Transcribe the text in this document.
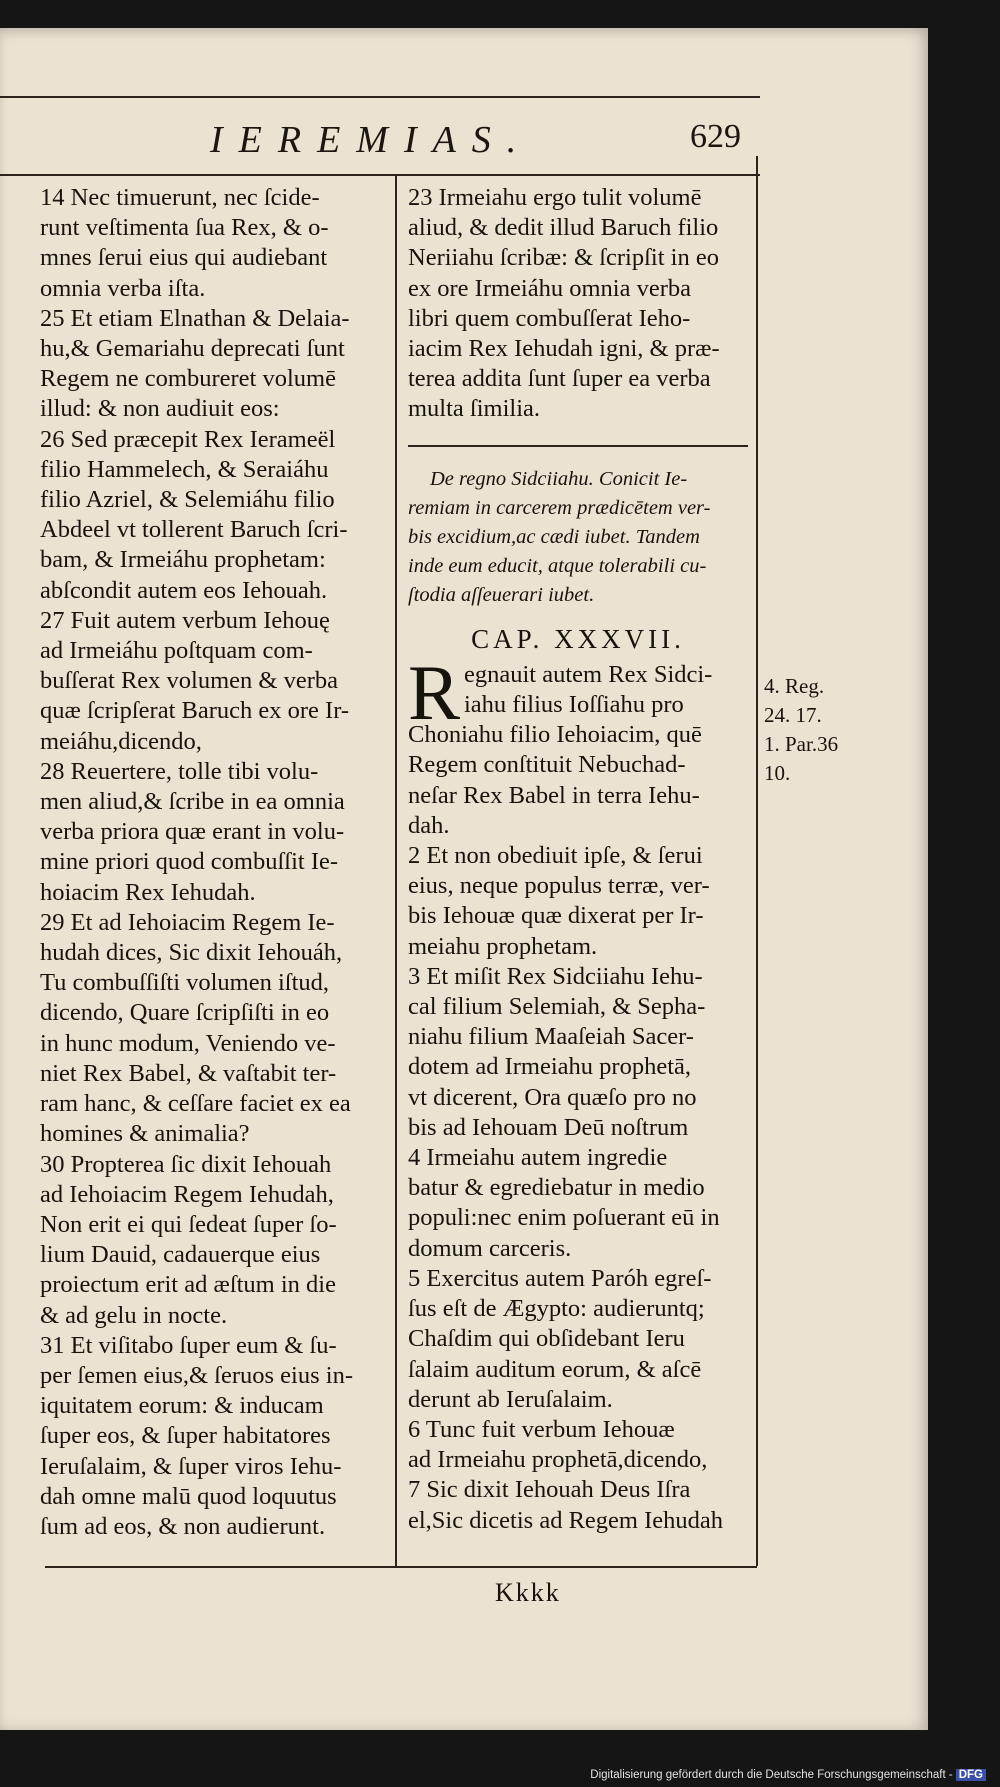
IEREMIAS.	629
14 Nec timuerunt, nec ſcide-
runt veſtimenta ſua Rex, & o-
mnes ſerui eius qui audiebant
omnia verba iſta.
25 Et etiam Elnathan & Delaia-
hu,& Gemariahu deprecati ſunt
Regem ne combureret volumē
illud: & non audiuit eos:
26 Sed præcepit Rex Ierameël
filio Hammelech, & Seraiáhu
filio Azriel, & Selemiáhu filio
Abdeel vt tollerent Baruch ſcri-
bam, & Irmeiáhu prophetam:
abſcondit autem eos Iehouah.
27 Fuit autem verbum Iehouę
ad Irmeiáhu poſtquam com-
buſſerat Rex volumen & verba
quæ ſcripſerat Baruch ex ore Ir-
meiáhu,dicendo,
28 Reuertere, tolle tibi volu-
men aliud,& ſcribe in ea omnia
verba priora quæ erant in volu-
mine priori quod combuſſit Ie-
hoiacim Rex Iehudah.
29 Et ad Iehoiacim Regem Ie-
hudah dices, Sic dixit Iehouáh,
Tu combuſſiſti volumen iſtud,
dicendo, Quare ſcripſiſti in eo
in hunc modum, Veniendo ve-
niet Rex Babel, & vaſtabit ter-
ram hanc, & ceſſare faciet ex ea
homines & animalia?
30 Propterea ſic dixit Iehouah
ad Iehoiacim Regem Iehudah,
Non erit ei qui ſedeat ſuper ſo-
lium Dauid, cadauerque eius
proiectum erit ad æſtum in die
& ad gelu in nocte.
31 Et viſitabo ſuper eum & ſu-
per ſemen eius,& ſeruos eius in-
iquitatem eorum: & inducam
ſuper eos, & ſuper habitatores
Ieruſalaim, & ſuper viros Iehu-
dah omne malū quod loquutus
ſum ad eos, & non audierunt.
23 Irmeiahu ergo tulit volumē
aliud, & dedit illud Baruch filio
Neriiahu ſcribæ: & ſcripſit in eo
ex ore Irmeiáhu omnia verba
libri quem combuſſerat Ieho-
iacim Rex Iehudah igni, & præ-
terea addita ſunt ſuper ea verba
multa ſimilia.
De regno Sidciiahu. Conicit Ie-
remiam in carcerem prædicētem ver-
bis excidium,ac cædi iubet. Tandem
inde eum educit, atque tolerabili cu-
ſtodia aſſeuerari iubet.
CAP. XXXVII.
R egnauit autem Rex Sidci-
iahu filius Ioſſiahu pro
Choniahu filio Iehoiacim, quē
Regem conſtituit Nebuchad-
neſar Rex Babel in terra Iehu-
dah.
2 Et non obediuit ipſe, & ſerui
eius, neque populus terræ, ver-
bis Iehouæ quæ dixerat per Ir-
meiahu prophetam.
3 Et miſit Rex Sidciiahu Iehu-
cal filium Selemiah, & Sepha-
niahu filium Maaſeiah Sacer-
dotem ad Irmeiahu prophetā,
vt dicerent, Ora quæſo pro no
bis ad Iehouam Deū noſtrum
4 Irmeiahu autem ingredie
batur & egrediebatur in medio
populi:nec enim poſuerant eū in
domum carceris.
5 Exercitus autem Paróh egreſ-
ſus eſt de Ægypto: audieruntq;
Chaſdim qui obſidebant Ieru
ſalaim auditum eorum, & aſcē
derunt ab Ieruſalaim.
6 Tunc fuit verbum Iehouæ
ad Irmeiahu prophetā,dicendo,
7 Sic dixit Iehouah Deus Iſra
el,Sic dicetis ad Regem Iehudah
4. Reg.
24. 17.
1. Par.36
10.
Kkkk
Digitalisierung gefördert durch die Deutsche Forschungsgemeinschaft - DFG
